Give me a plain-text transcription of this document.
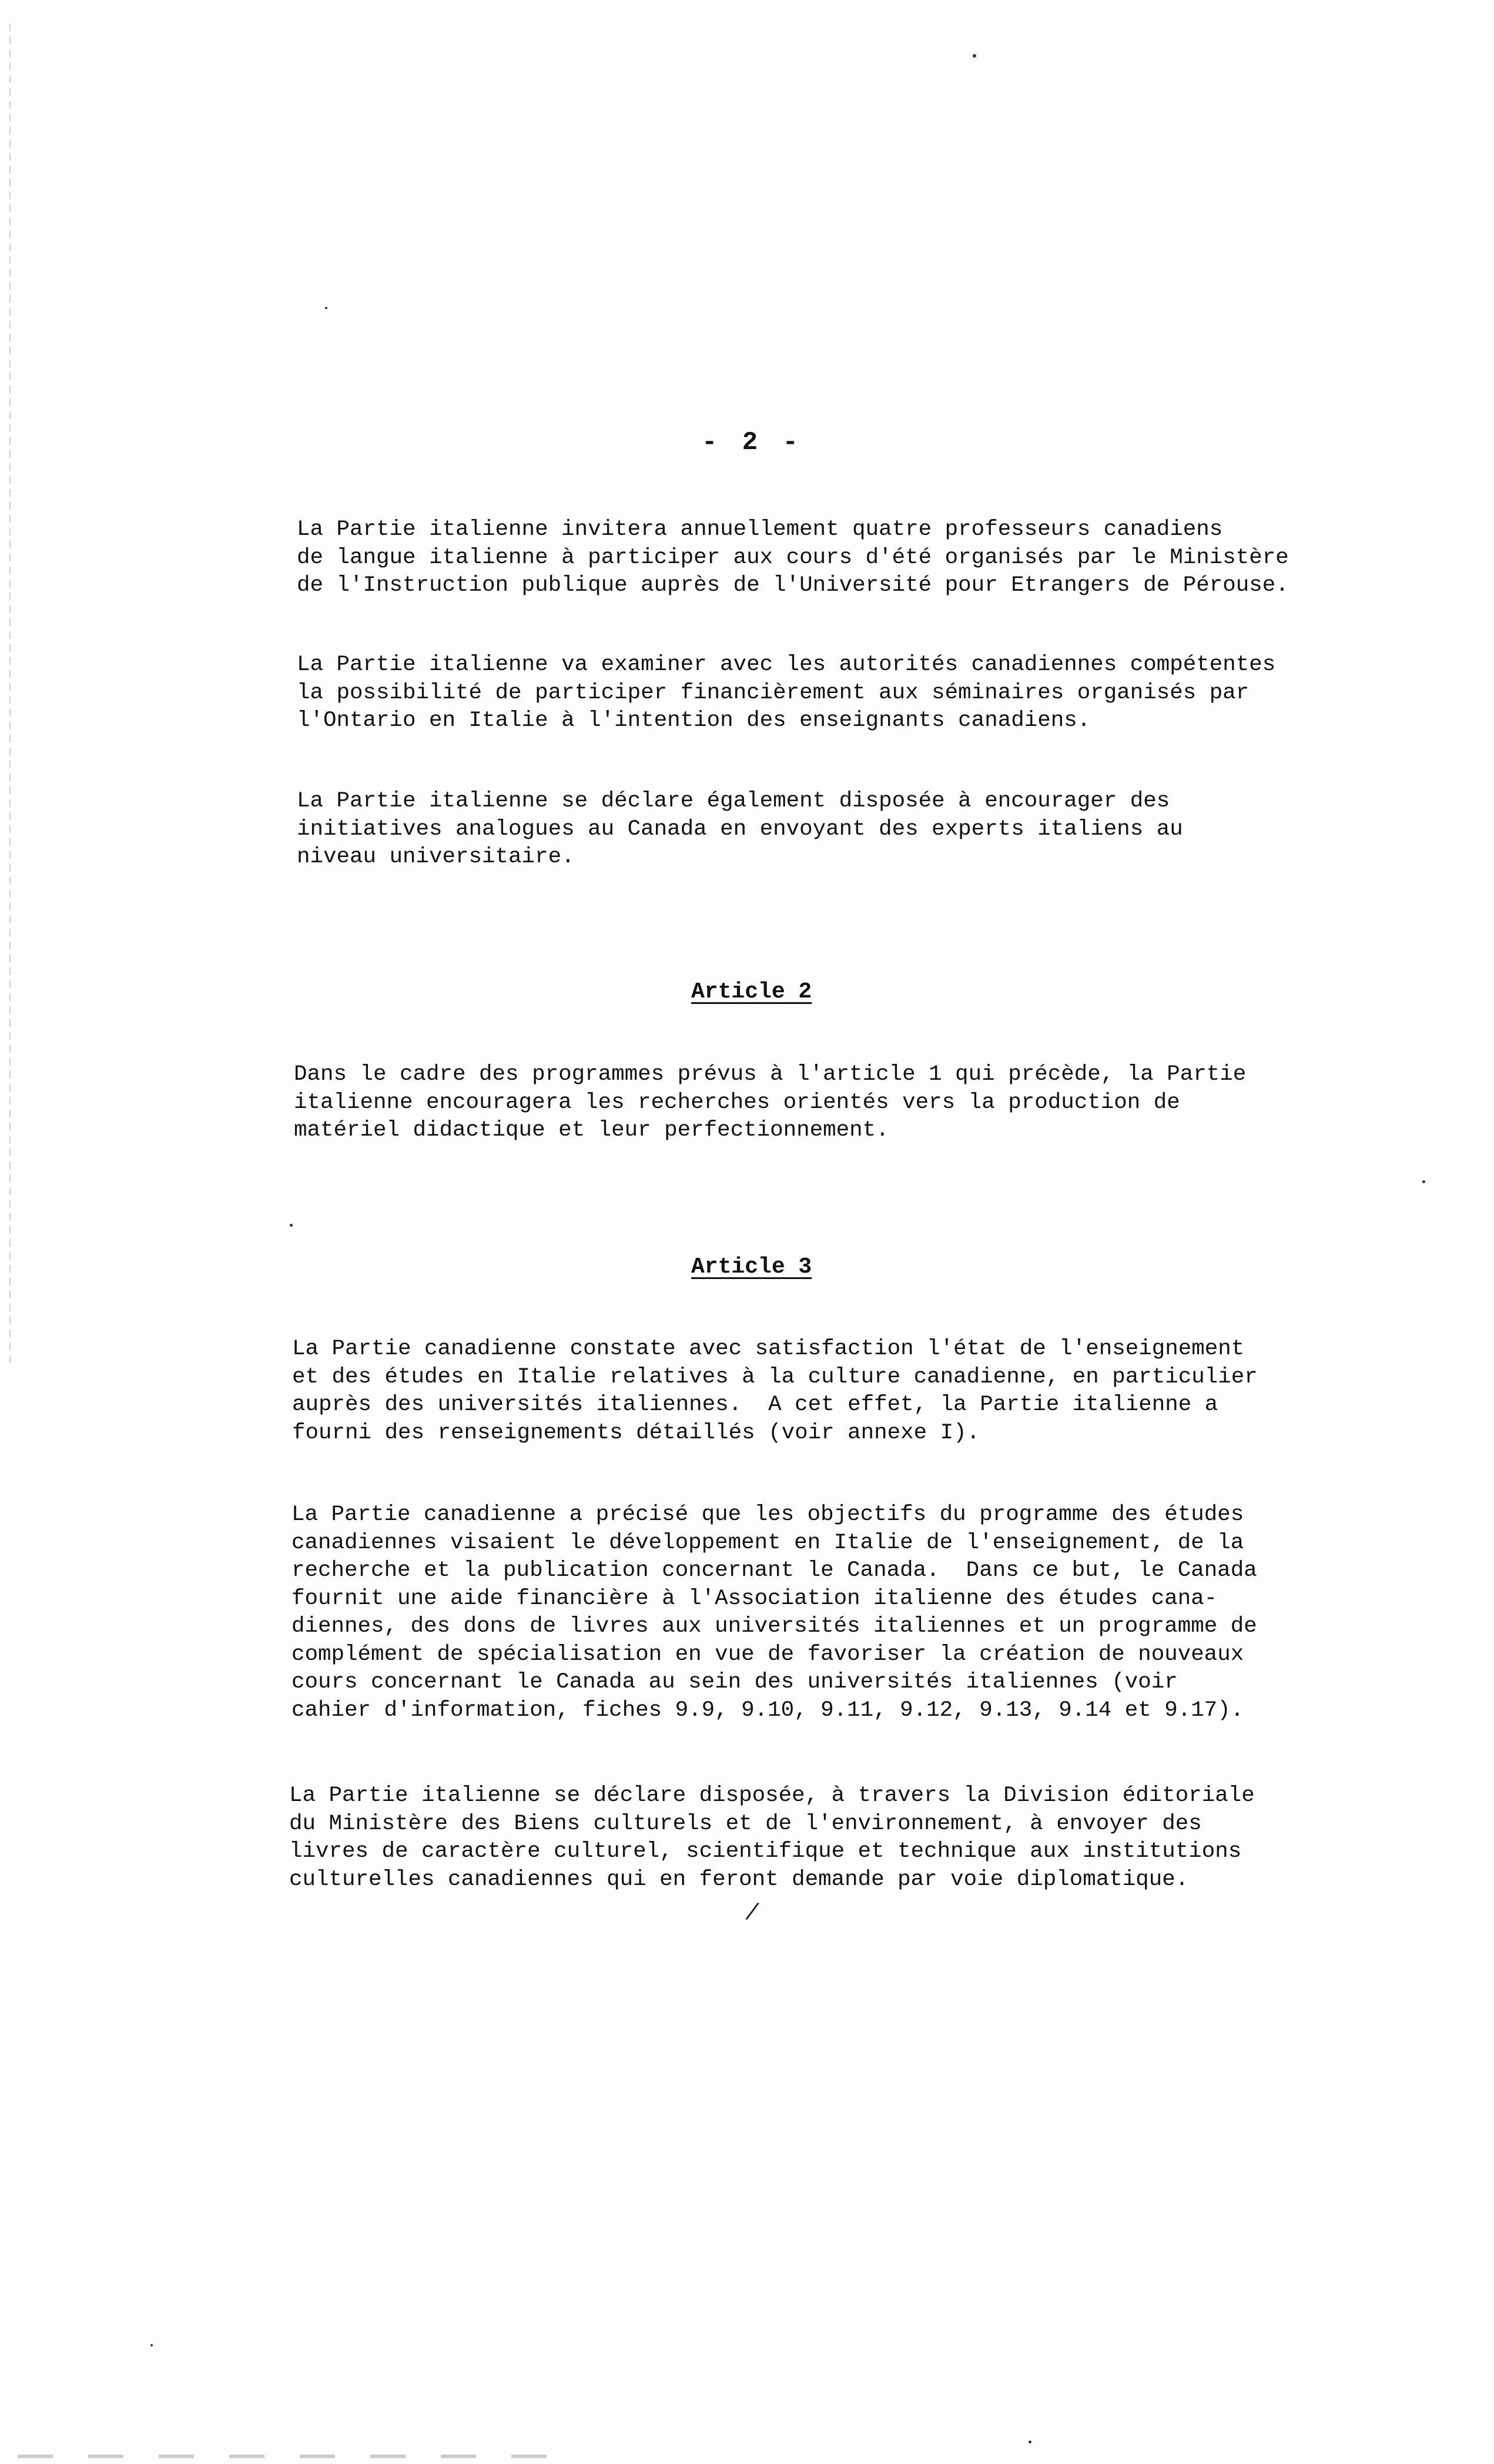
- 2 -

La Partie italienne invitera annuellement quatre professeurs canadiens
de langue italienne à participer aux cours d'été organisés par le Ministère
de l'Instruction publique auprès de l'Université pour Etrangers de Pérouse.

La Partie italienne va examiner avec les autorités canadiennes compétentes
la possibilité de participer financièrement aux séminaires organisés par
l'Ontario en Italie à l'intention des enseignants canadiens.

La Partie italienne se déclare également disposée à encourager des
initiatives analogues au Canada en envoyant des experts italiens au
niveau universitaire.

Article 2

Dans le cadre des programmes prévus à l'article 1 qui précède, la Partie
italienne encouragera les recherches orientés vers la production de
matériel didactique et leur perfectionnement.

Article 3

La Partie canadienne constate avec satisfaction l'état de l'enseignement
et des études en Italie relatives à la culture canadienne, en particulier
auprès des universités italiennes.  A cet effet, la Partie italienne a
fourni des renseignements détaillés (voir annexe I).

La Partie canadienne a précisé que les objectifs du programme des études
canadiennes visaient le développement en Italie de l'enseignement, de la
recherche et la publication concernant le Canada.  Dans ce but, le Canada
fournit une aide financière à l'Association italienne des études cana-
diennes, des dons de livres aux universités italiennes et un programme de
complément de spécialisation en vue de favoriser la création de nouveaux
cours concernant le Canada au sein des universités italiennes (voir
cahier d'information, fiches 9.9, 9.10, 9.11, 9.12, 9.13, 9.14 et 9.17).

La Partie italienne se déclare disposée, à travers la Division éditoriale
du Ministère des Biens culturels et de l'environnement, à envoyer des
livres de caractère culturel, scientifique et technique aux institutions
culturelles canadiennes qui en feront demande par voie diplomatique.

/
